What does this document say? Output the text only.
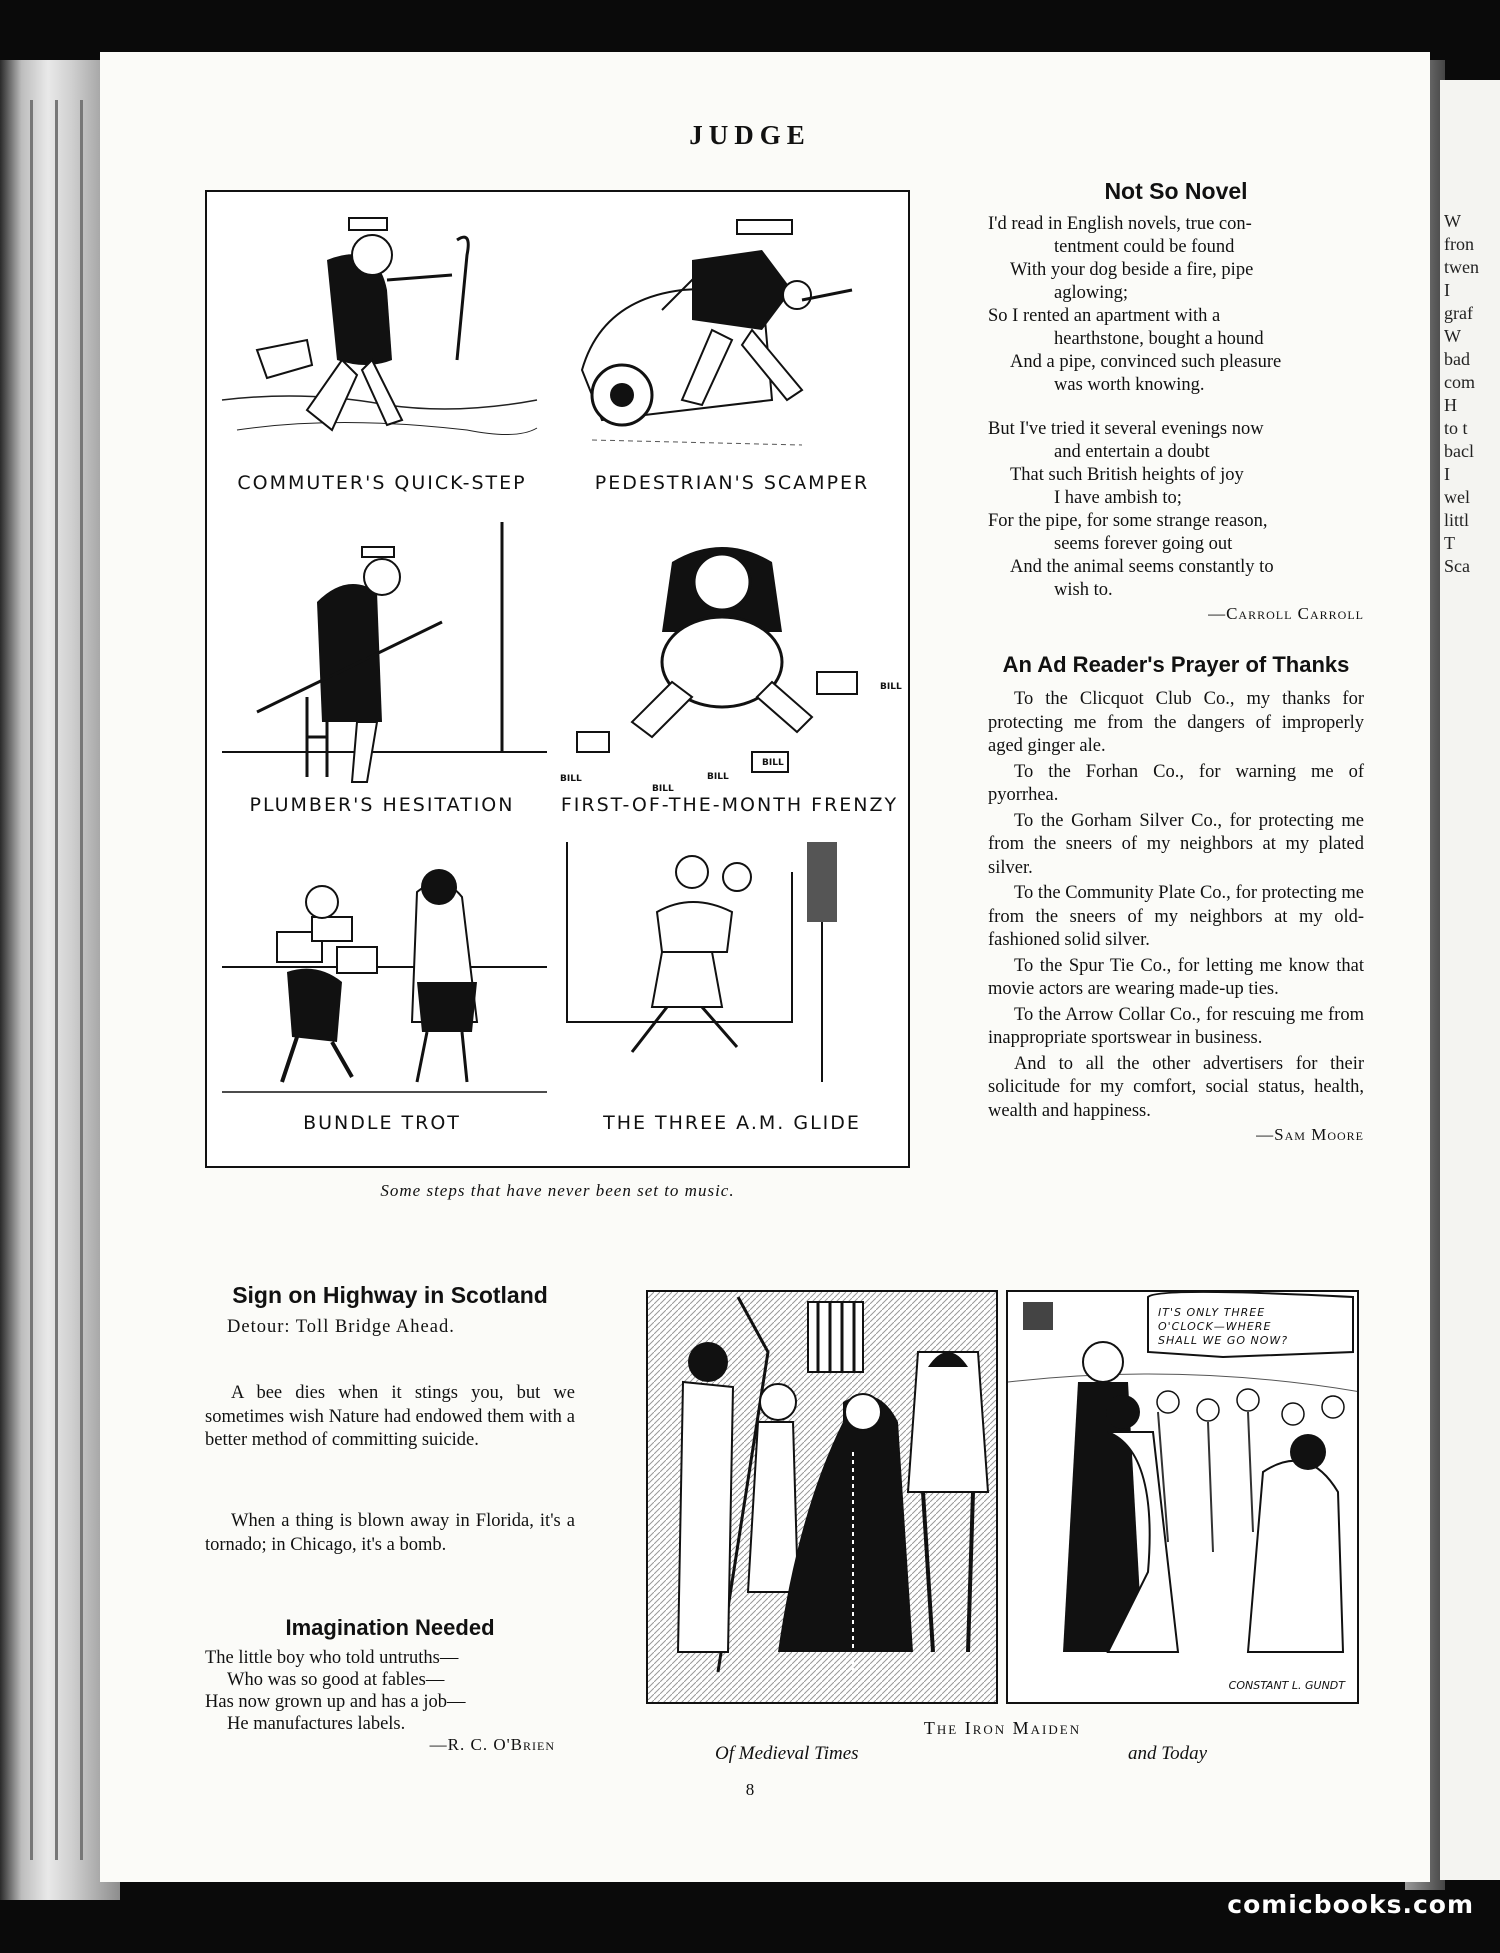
W
fron
twen
I
graf
W
bad
com
H
to t
bacl
I
wel
littl
T
Sca
JUDGE
COMMUTER'S QUICK-STEP	PEDESTRIAN'S SCAMPER
PLUMBER'S HESITATION
BILL
BILL
BILL
BILL
BILL
FIRST-OF-THE-MONTH FRENZY
BUNDLE TROT	THE THREE A.M. GLIDE
Some steps that have never been set to music.
Not So Novel
I'd read in English novels, true con-
tentment could be found
With your dog beside a fire, pipe
aglowing;
So I rented an apartment with a
hearthstone, bought a hound
And a pipe, convinced such pleasure
was worth knowing.
But I've tried it several evenings now
and entertain a doubt
That such British heights of joy
I have ambish to;
For the pipe, for some strange reason,
seems forever going out
And the animal seems constantly to
wish to.
—Carroll Carroll
An Ad Reader's Prayer of Thanks

To the Clicquot Club Co., my thanks for protecting me from the dangers of improperly aged ginger ale.

To the Forhan Co., for warning me of pyorrhea.

To the Gorham Silver Co., for protecting me from the sneers of my neighbors at my plated silver.

To the Community Plate Co., for protecting me from the sneers of my neighbors at my old-fashioned solid silver.

To the Spur Tie Co., for letting me know that movie actors are wearing made-up ties.

To the Arrow Collar Co., for rescuing me from inappropriate sportswear in business.

And to all the other advertisers for their solicitude for my comfort, social status, health, wealth and happiness.

—Sam Moore
Sign on Highway in Scotland
Detour: Toll Bridge Ahead.

A bee dies when it stings you, but we sometimes wish Nature had endowed them with a better method of committing suicide.

When a thing is blown away in Florida, it's a tornado; in Chicago, it's a bomb.

Imagination Needed
The little boy who told untruths—
Who was so good at fables—
Has now grown up and has a job—
He manufactures labels.
—R. C. O'Brien
IT'S ONLY THREE
O'CLOCK—WHERE
SHALL WE GO NOW?
CONSTANT L. GUNDT
The Iron Maiden
Of Medieval Times	and Today
8
comicbooks.com
